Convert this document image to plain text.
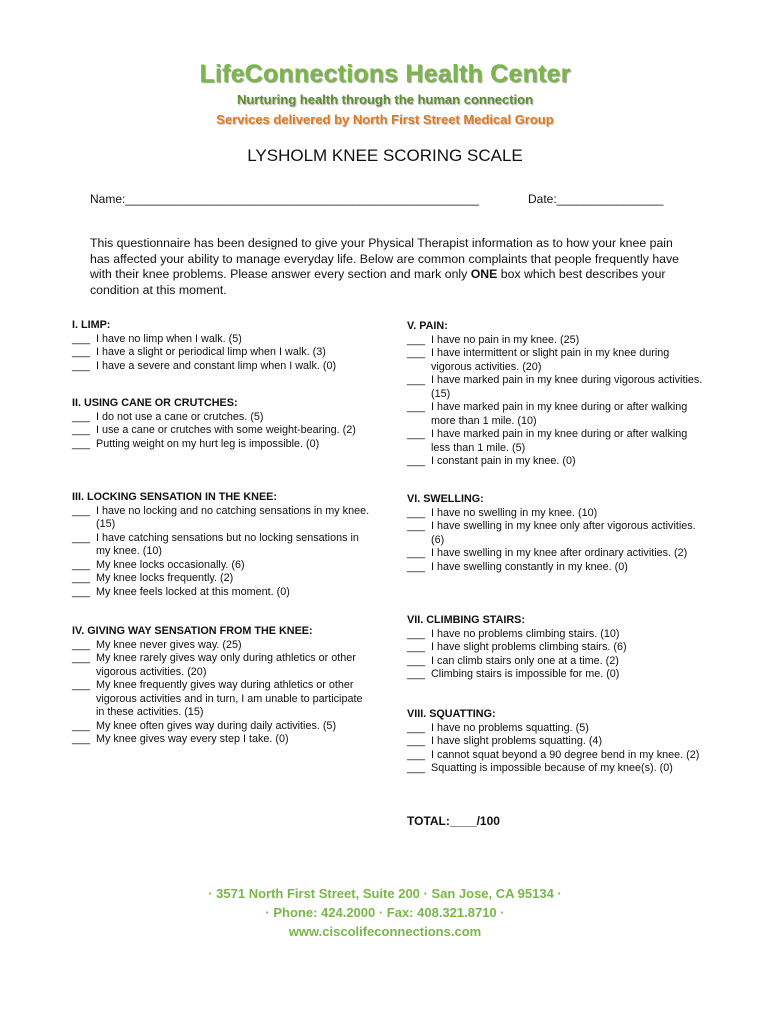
LifeConnections Health Center
Nurturing health through the human connection
Services delivered by North First Street Medical Group
LYSHOLM KNEE SCORING SCALE
Name:_____________________________________________________	Date:________________
This questionnaire has been designed to give your Physical Therapist information as to how your knee pain has affected your ability to manage everyday life. Below are common complaints that people frequently have with their knee problems. Please answer every section and mark only ONE box which best describes your condition at this moment.
I. LIMP:
___ I have no limp when I walk. (5)
___ I have a slight or periodical limp when I walk. (3)
___ I have a severe and constant limp when I walk. (0)
II. USING CANE OR CRUTCHES:
___ I do not use a cane or crutches. (5)
___ I use a cane or crutches with some weight-bearing. (2)
___ Putting weight on my hurt leg is impossible. (0)
III. LOCKING SENSATION IN THE KNEE:
___ I have no locking and no catching sensations in my knee. (15)
___ I have catching sensations but no locking sensations in my knee. (10)
___ My knee locks occasionally. (6)
___ My knee locks frequently. (2)
___ My knee feels locked at this moment. (0)
IV. GIVING WAY SENSATION FROM THE KNEE:
___ My knee never gives way. (25)
___ My knee rarely gives way only during athletics or other vigorous activities. (20)
___ My knee frequently gives way during athletics or other vigorous activities and in turn, I am unable to participate in these activities. (15)
___ My knee often gives way during daily activities. (5)
___ My knee gives way every step I take. (0)
V. PAIN:
___ I have no pain in my knee. (25)
___ I have intermittent or slight pain in my knee during vigorous activities. (20)
___ I have marked pain in my knee during vigorous activities. (15)
___ I have marked pain in my knee during or after walking more than 1 mile. (10)
___ I have marked pain in my knee during or after walking less than 1 mile. (5)
___ I constant pain in my knee. (0)
VI. SWELLING:
___ I have no swelling in my knee. (10)
___ I have swelling in my knee only after vigorous activities. (6)
___ I have swelling in my knee after ordinary activities. (2)
___ I have swelling constantly in my knee. (0)
VII. CLIMBING STAIRS:
___ I have no problems climbing stairs. (10)
___ I have slight problems climbing stairs. (6)
___ I can climb stairs only one at a time. (2)
___ Climbing stairs is impossible for me. (0)
VIII. SQUATTING:
___ I have no problems squatting. (5)
___ I have slight problems squatting. (4)
___ I cannot squat beyond a 90 degree bend in my knee. (2)
___ Squatting is impossible because of my knee(s). (0)
TOTAL:____/100
· 3571 North First Street, Suite 200 · San Jose, CA 95134 ·
· Phone: 424.2000 · Fax: 408.321.8710 ·
www.ciscolifeconnections.com
